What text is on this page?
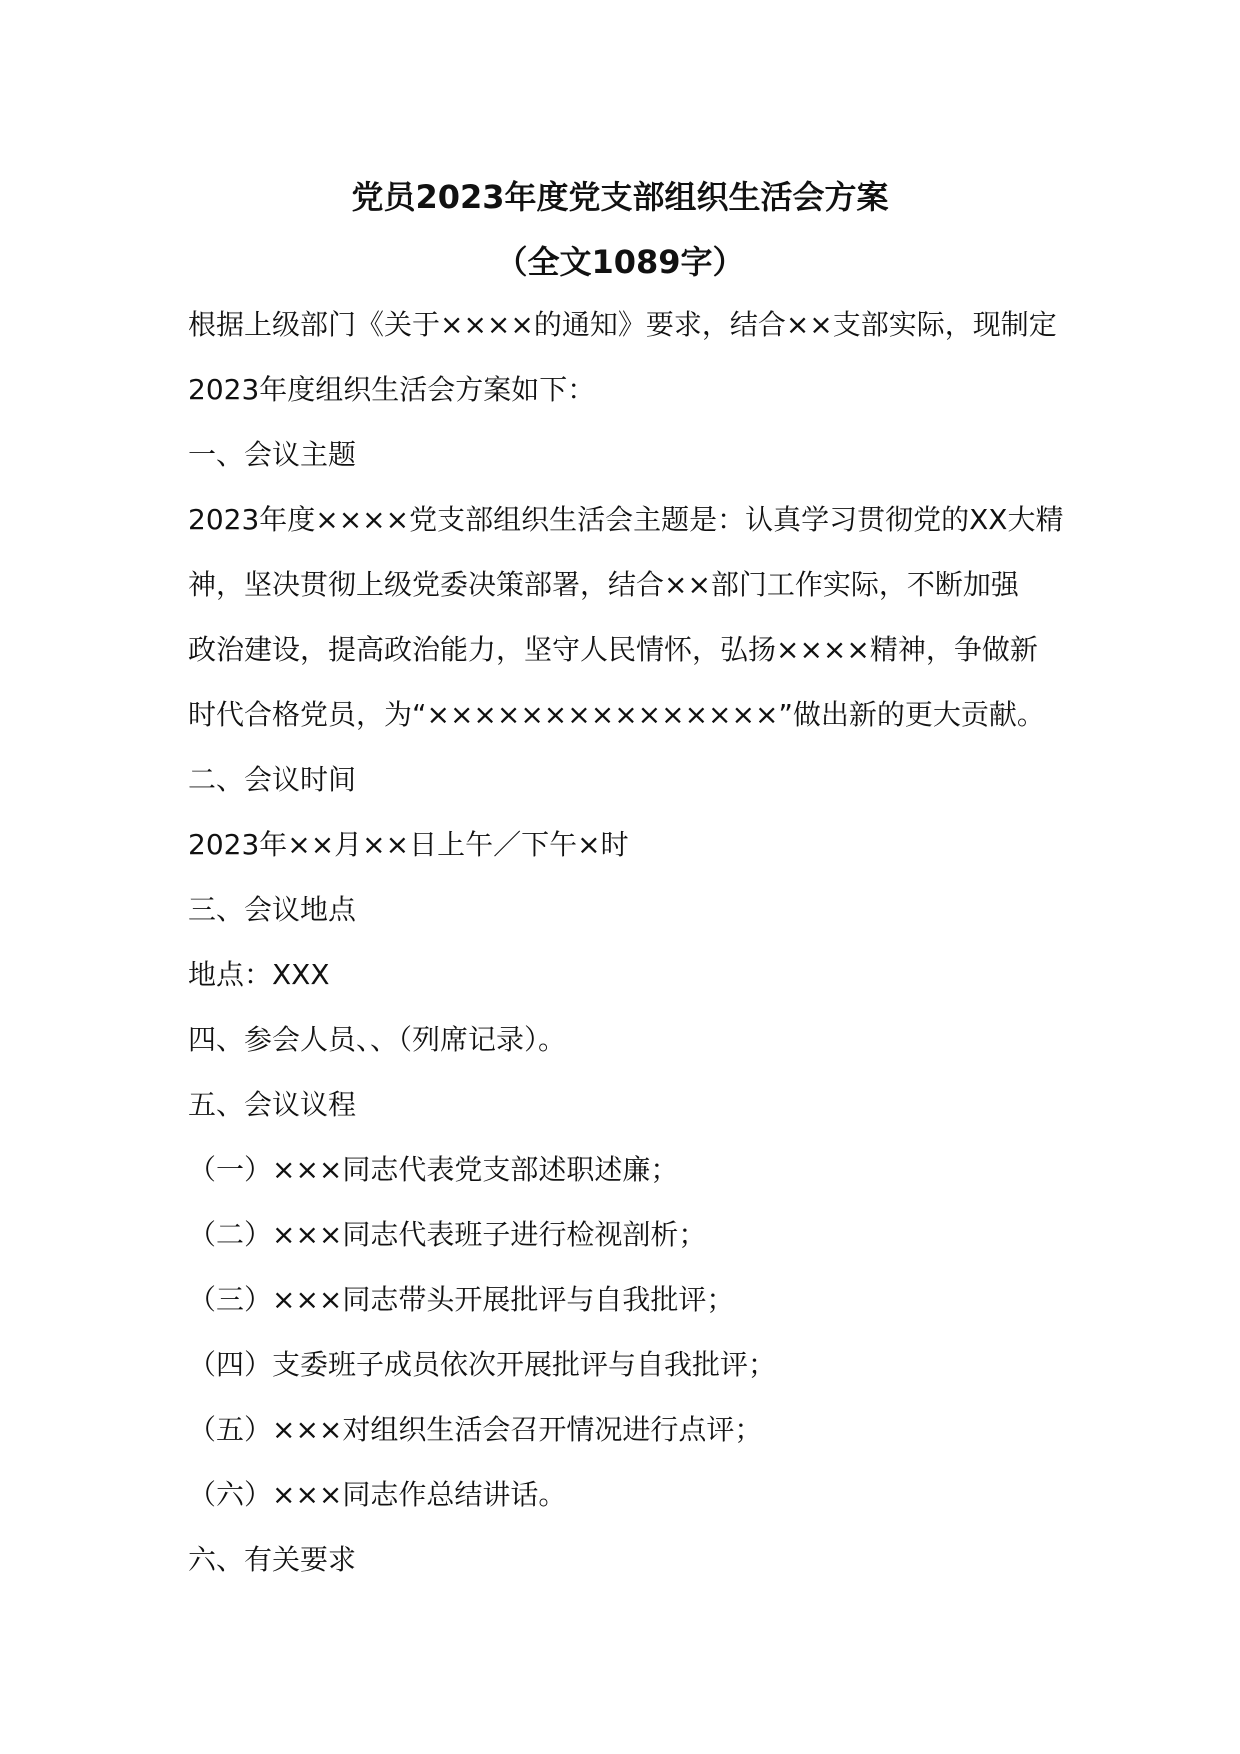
党员2023年度党支部组织生活会方案
（全文1089字）
根据上级部门《关于××××的通知》要求，结合××支部实际，现制定
2023年度组织生活会方案如下：
一、会议主题
2023年度××××党支部组织生活会主题是：认真学习贯彻党的XX大精
神，坚决贯彻上级党委决策部署，结合××部门工作实际，不断加强
政治建设，提高政治能力，坚守人民情怀，弘扬××××精神，争做新
时代合格党员，为“×××××××××××××××”做出新的更大贡献。
二、会议时间
2023年××月××日上午／下午×时
三、会议地点
地点：XXX
四、参会人员、、（列席记录）。
五、会议议程
（一）×××同志代表党支部述职述廉；
（二）×××同志代表班子进行检视剖析；
（三）×××同志带头开展批评与自我批评；
（四）支委班子成员依次开展批评与自我批评；
（五）×××对组织生活会召开情况进行点评；
（六）×××同志作总结讲话。
六、有关要求
